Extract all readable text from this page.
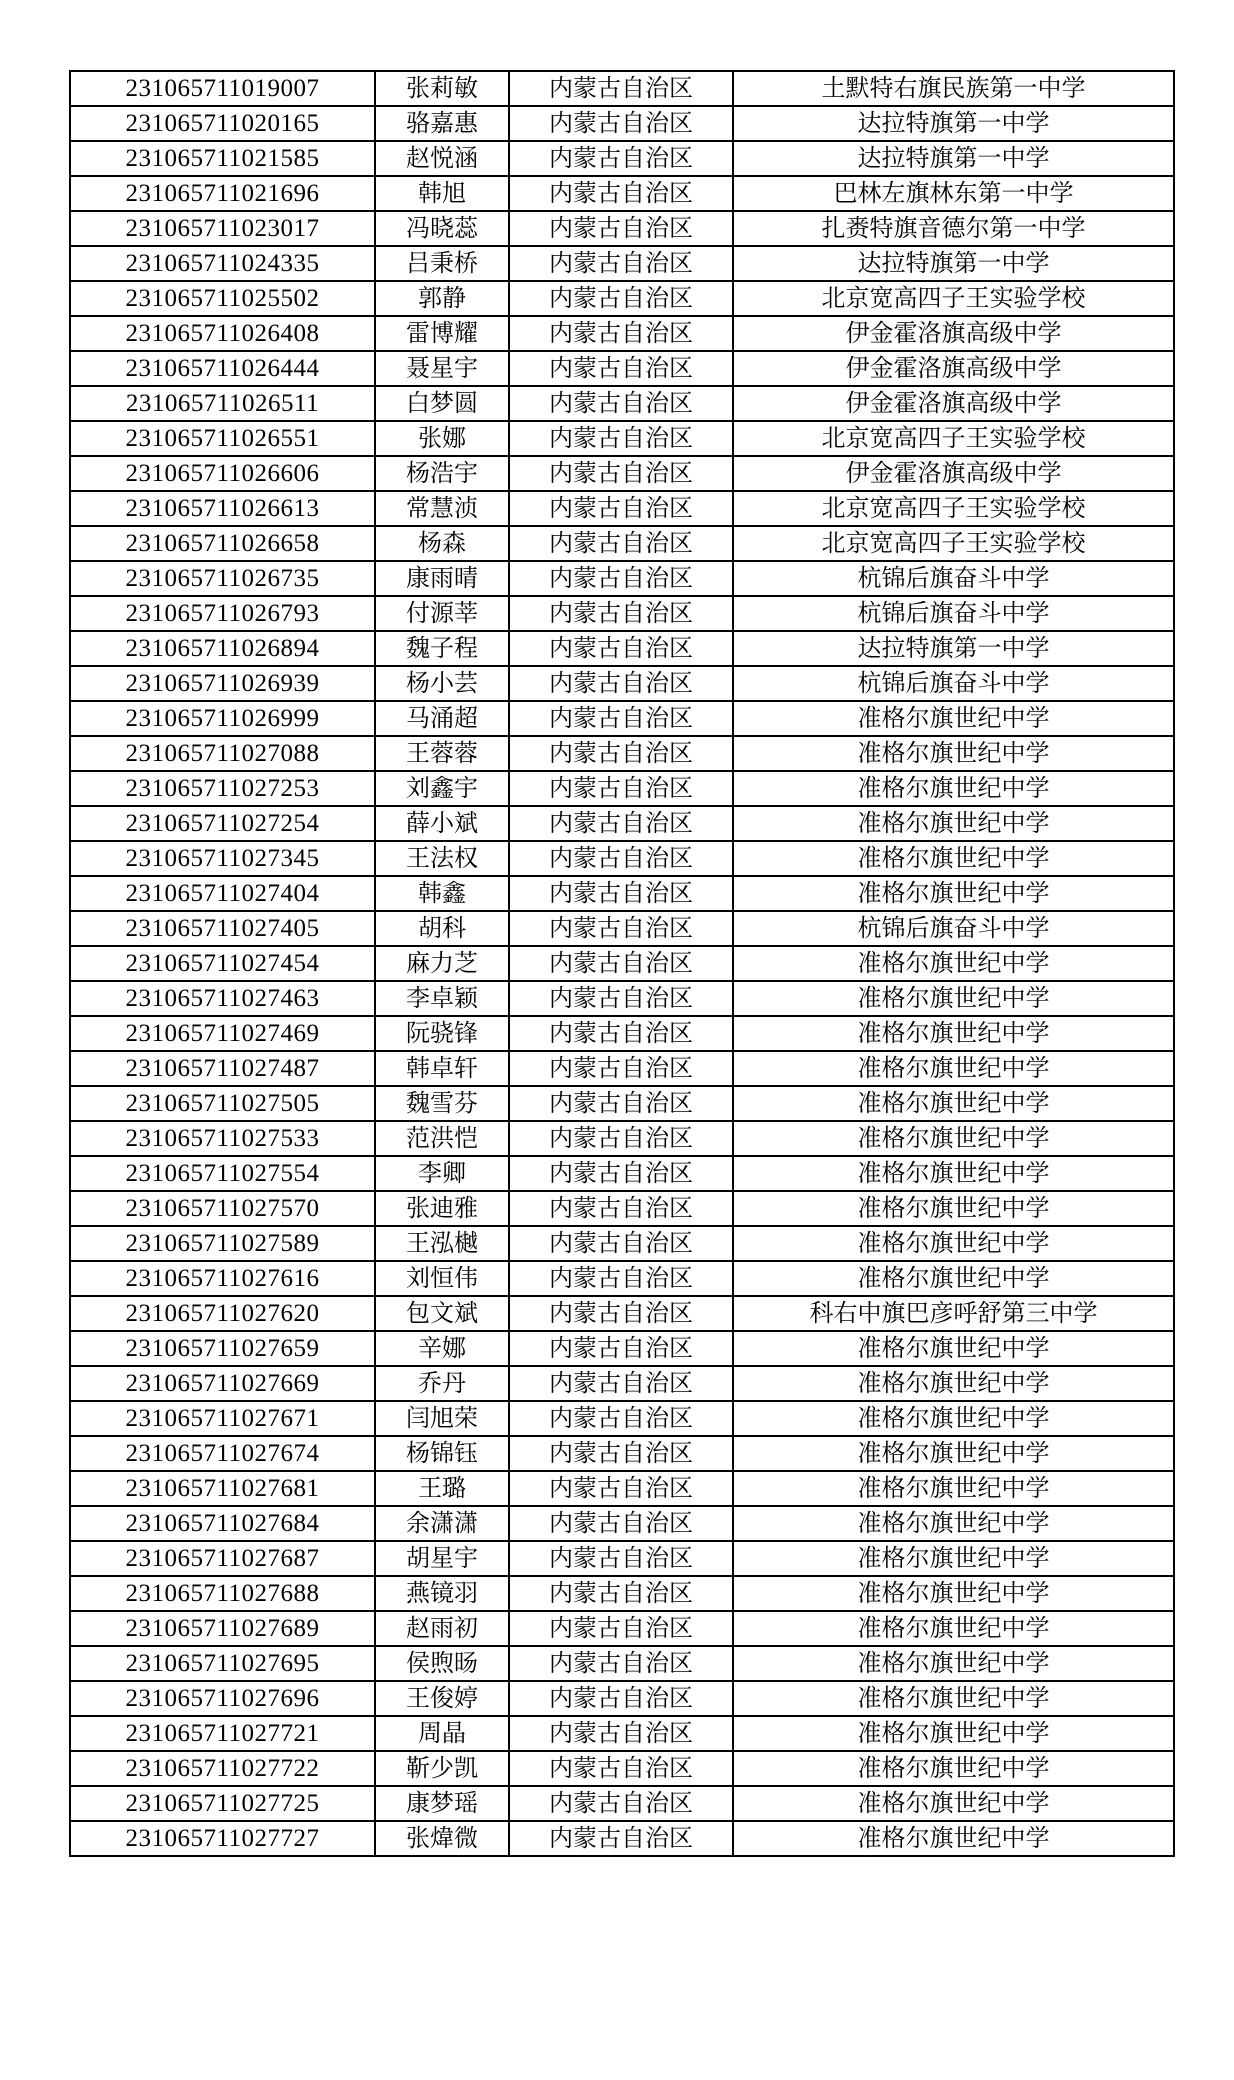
231065711019007	张莉敏	内蒙古自治区	土默特右旗民族第一中学
231065711020165	骆嘉惠	内蒙古自治区	达拉特旗第一中学
231065711021585	赵悦涵	内蒙古自治区	达拉特旗第一中学
231065711021696	韩旭	内蒙古自治区	巴林左旗林东第一中学
231065711023017	冯晓蕊	内蒙古自治区	扎赉特旗音德尔第一中学
231065711024335	吕秉桥	内蒙古自治区	达拉特旗第一中学
231065711025502	郭静	内蒙古自治区	北京宽高四子王实验学校
231065711026408	雷博耀	内蒙古自治区	伊金霍洛旗高级中学
231065711026444	聂星宇	内蒙古自治区	伊金霍洛旗高级中学
231065711026511	白梦圆	内蒙古自治区	伊金霍洛旗高级中学
231065711026551	张娜	内蒙古自治区	北京宽高四子王实验学校
231065711026606	杨浩宇	内蒙古自治区	伊金霍洛旗高级中学
231065711026613	常慧浈	内蒙古自治区	北京宽高四子王实验学校
231065711026658	杨森	内蒙古自治区	北京宽高四子王实验学校
231065711026735	康雨晴	内蒙古自治区	杭锦后旗奋斗中学
231065711026793	付源莘	内蒙古自治区	杭锦后旗奋斗中学
231065711026894	魏子程	内蒙古自治区	达拉特旗第一中学
231065711026939	杨小芸	内蒙古自治区	杭锦后旗奋斗中学
231065711026999	马涌超	内蒙古自治区	准格尔旗世纪中学
231065711027088	王蓉蓉	内蒙古自治区	准格尔旗世纪中学
231065711027253	刘鑫宇	内蒙古自治区	准格尔旗世纪中学
231065711027254	薛小斌	内蒙古自治区	准格尔旗世纪中学
231065711027345	王法权	内蒙古自治区	准格尔旗世纪中学
231065711027404	韩鑫	内蒙古自治区	准格尔旗世纪中学
231065711027405	胡科	内蒙古自治区	杭锦后旗奋斗中学
231065711027454	麻力芝	内蒙古自治区	准格尔旗世纪中学
231065711027463	李卓颖	内蒙古自治区	准格尔旗世纪中学
231065711027469	阮骁锋	内蒙古自治区	准格尔旗世纪中学
231065711027487	韩卓轩	内蒙古自治区	准格尔旗世纪中学
231065711027505	魏雪芬	内蒙古自治区	准格尔旗世纪中学
231065711027533	范洪恺	内蒙古自治区	准格尔旗世纪中学
231065711027554	李卿	内蒙古自治区	准格尔旗世纪中学
231065711027570	张迪雅	内蒙古自治区	准格尔旗世纪中学
231065711027589	王泓樾	内蒙古自治区	准格尔旗世纪中学
231065711027616	刘恒伟	内蒙古自治区	准格尔旗世纪中学
231065711027620	包文斌	内蒙古自治区	科右中旗巴彦呼舒第三中学
231065711027659	辛娜	内蒙古自治区	准格尔旗世纪中学
231065711027669	乔丹	内蒙古自治区	准格尔旗世纪中学
231065711027671	闫旭荣	内蒙古自治区	准格尔旗世纪中学
231065711027674	杨锦钰	内蒙古自治区	准格尔旗世纪中学
231065711027681	王璐	内蒙古自治区	准格尔旗世纪中学
231065711027684	余潇潇	内蒙古自治区	准格尔旗世纪中学
231065711027687	胡星宇	内蒙古自治区	准格尔旗世纪中学
231065711027688	燕镜羽	内蒙古自治区	准格尔旗世纪中学
231065711027689	赵雨初	内蒙古自治区	准格尔旗世纪中学
231065711027695	侯煦旸	内蒙古自治区	准格尔旗世纪中学
231065711027696	王俊婷	内蒙古自治区	准格尔旗世纪中学
231065711027721	周晶	内蒙古自治区	准格尔旗世纪中学
231065711027722	靳少凯	内蒙古自治区	准格尔旗世纪中学
231065711027725	康梦瑶	内蒙古自治区	准格尔旗世纪中学
231065711027727	张煒微	内蒙古自治区	准格尔旗世纪中学
